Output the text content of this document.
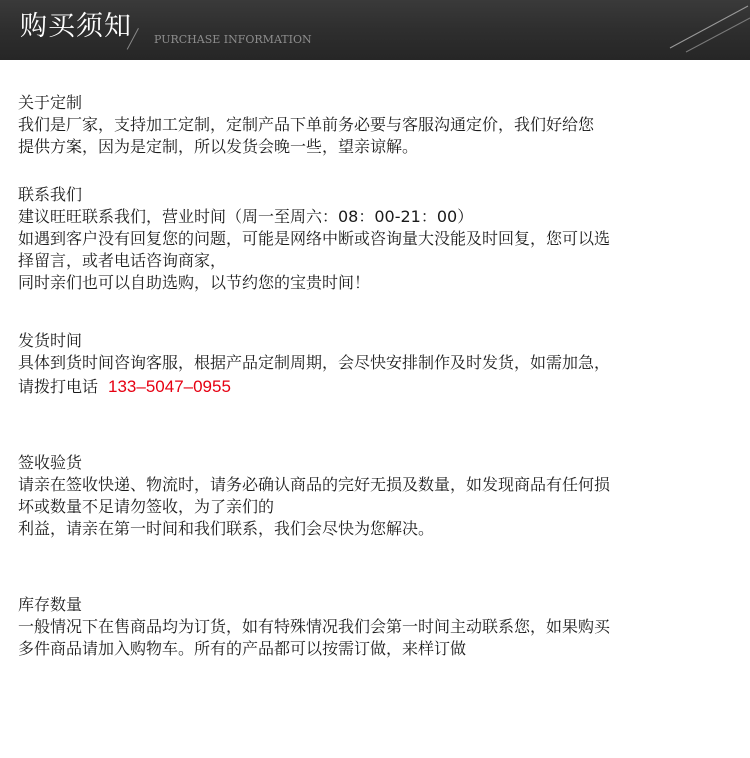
购买须知 PURCHASE INFORMATION
关于定制
我们是厂家，支持加工定制，定制产品下单前务必要与客服沟通定价，我们好给您
提供方案，因为是定制，所以发货会晚一些，望亲谅解。
联系我们
建议旺旺联系我们，营业时间（周一至周六：08：00-21：00）
如遇到客户没有回复您的问题，可能是网络中断或咨询量大没能及时回复，您可以选
择留言，或者电话咨询商家，
同时亲们也可以自助选购，以节约您的宝贵时间！
发货时间
具体到货时间咨询客服，根据产品定制周期，会尽快安排制作及时发货，如需加急，
请拨打电话 133–5047–0955
签收验货
请亲在签收快递、物流时，请务必确认商品的完好无损及数量，如发现商品有任何损
坏或数量不足请勿签收，为了亲们的
利益，请亲在第一时间和我们联系，我们会尽快为您解决。
库存数量
一般情况下在售商品均为订货，如有特殊情况我们会第一时间主动联系您，如果购买
多件商品请加入购物车。所有的产品都可以按需订做，来样订做
